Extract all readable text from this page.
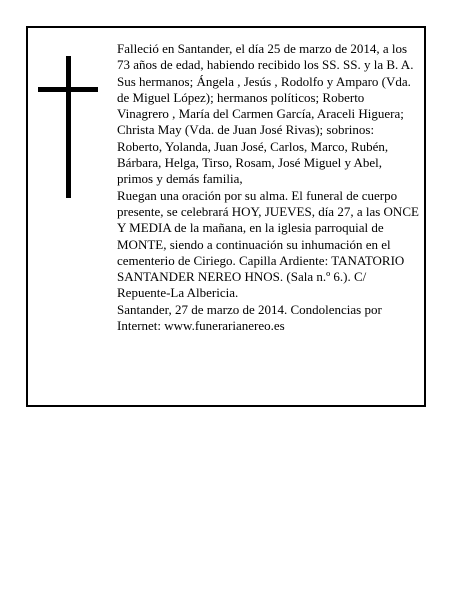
Falleció en Santander, el día 25 de marzo de 2014, a los 73 años de edad, habiendo recibido los SS. SS. y la B. A.

Sus hermanos; Ángela , Jesús , Rodolfo y Amparo (Vda. de Miguel López); hermanos políticos; Roberto Vinagrero , María del Carmen García, Araceli Higuera; Christa May (Vda. de Juan José Rivas); sobrinos: Roberto, Yolanda, Juan José, Carlos, Marco, Rubén, Bárbara, Helga, Tirso, Rosam, José Miguel y Abel, primos y demás familia,

Ruegan una oración por su alma. El funeral de cuerpo presente, se celebrará HOY, JUEVES, día 27, a las ONCE Y MEDIA de la mañana, en la iglesia parroquial de MONTE, siendo a continuación su inhumación en el cementerio de Ciriego. Capilla Ardiente: TANATORIO SANTANDER NEREO HNOS. (Sala n.º 6.). C/ Repuente-La Albericia.

Santander, 27 de marzo de 2014. Condolencias por Internet: www.funerarianereo.es
